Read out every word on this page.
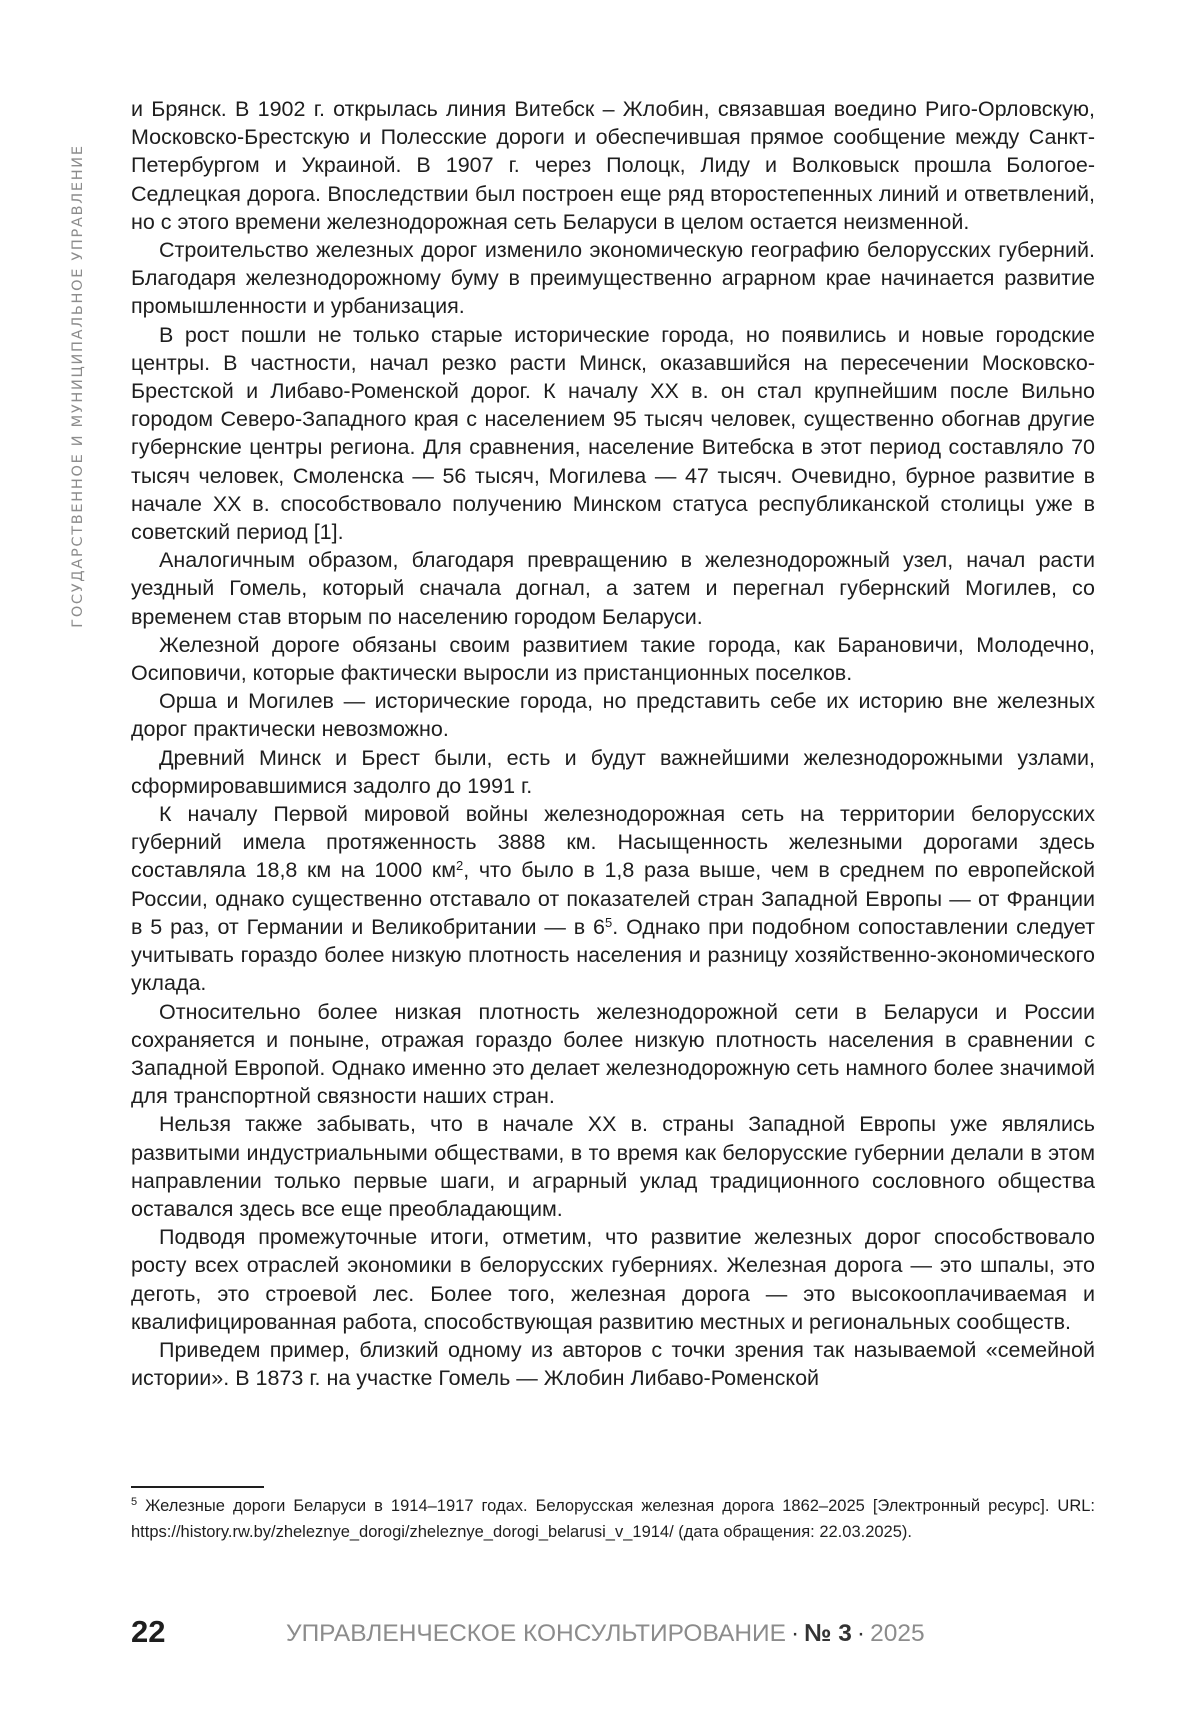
ГОСУДАРСТВЕННОЕ И МУНИЦИПАЛЬНОЕ УПРАВЛЕНИЕ

и Брянск. В 1902 г. открылась линия Витебск – Жлобин, связавшая воедино Риго-Орловскую, Московско-Брестскую и Полесские дороги и обеспечившая прямое сообщение между Санкт-Петербургом и Украиной. В 1907 г. через Полоцк, Лиду и Волковыск прошла Бологое-Седлецкая дорога. Впоследствии был построен еще ряд второстепенных линий и ответвлений, но с этого времени железнодорожная сеть Беларуси в целом остается неизменной.

Строительство железных дорог изменило экономическую географию белорусских губерний. Благодаря железнодорожному буму в преимущественно аграрном крае начинается развитие промышленности и урбанизация.

В рост пошли не только старые исторические города, но появились и новые городские центры. В частности, начал резко расти Минск, оказавшийся на пересечении Московско-Брестской и Либаво-Роменской дорог. К началу XX в. он стал крупнейшим после Вильно городом Северо-Западного края с населением 95 тысяч человек, существенно обогнав другие губернские центры региона. Для сравнения, население Витебска в этот период составляло 70 тысяч человек, Смоленска — 56 тысяч, Могилева — 47 тысяч. Очевидно, бурное развитие в начале XX в. способствовало получению Минском статуса республиканской столицы уже в советский период [1].

Аналогичным образом, благодаря превращению в железнодорожный узел, начал расти уездный Гомель, который сначала догнал, а затем и перегнал губернский Могилев, со временем став вторым по населению городом Беларуси.

Железной дороге обязаны своим развитием такие города, как Барановичи, Молодечно, Осиповичи, которые фактически выросли из пристанционных поселков.

Орша и Могилев — исторические города, но представить себе их историю вне железных дорог практически невозможно.

Древний Минск и Брест были, есть и будут важнейшими железнодорожными узлами, сформировавшимися задолго до 1991 г.

К началу Первой мировой войны железнодорожная сеть на территории белорусских губерний имела протяженность 3888 км. Насыщенность железными дорогами здесь составляла 18,8 км на 1000 $км^2$, что было в 1,8 раза выше, чем в среднем по европейской России, однако существенно отставало от показателей стран Западной Европы — от Франции в 5 раз, от Германии и Великобритании — в $6^5$. Однако при подобном сопоставлении следует учитывать гораздо более низкую плотность населения и разницу хозяйственно-экономического уклада.

Относительно более низкая плотность железнодорожной сети в Беларуси и России сохраняется и поныне, отражая гораздо более низкую плотность населения в сравнении с Западной Европой. Однако именно это делает железнодорожную сеть намного более значимой для транспортной связности наших стран.

Нельзя также забывать, что в начале XX в. страны Западной Европы уже являлись развитыми индустриальными обществами, в то время как белорусские губернии делали в этом направлении только первые шаги, и аграрный уклад традиционного сословного общества оставался здесь все еще преобладающим.

Подводя промежуточные итоги, отметим, что развитие железных дорог способствовало росту всех отраслей экономики в белорусских губерниях. Железная дорога — это шпалы, это деготь, это строевой лес. Более того, железная дорога — это высокооплачиваемая и квалифицированная работа, способствующая развитию местных и региональных сообществ.

Приведем пример, близкий одному из авторов с точки зрения так называемой «семейной истории». В 1873 г. на участке Гомель — Жлобин Либаво-Роменской

$^5$ Железные дороги Беларуси в 1914–1917 годах. Белорусская железная дорога 1862–2025 [Электронный ресурс]. URL: https://history.rw.by/zheleznye_dorogi/zheleznye_dorogi_belarusi_v_1914/ (дата обращения: 22.03.2025).
22	УПРАВЛЕНЧЕСКОЕ КОНСУЛЬТИРОВАНИЕ · № 3 · 2025
